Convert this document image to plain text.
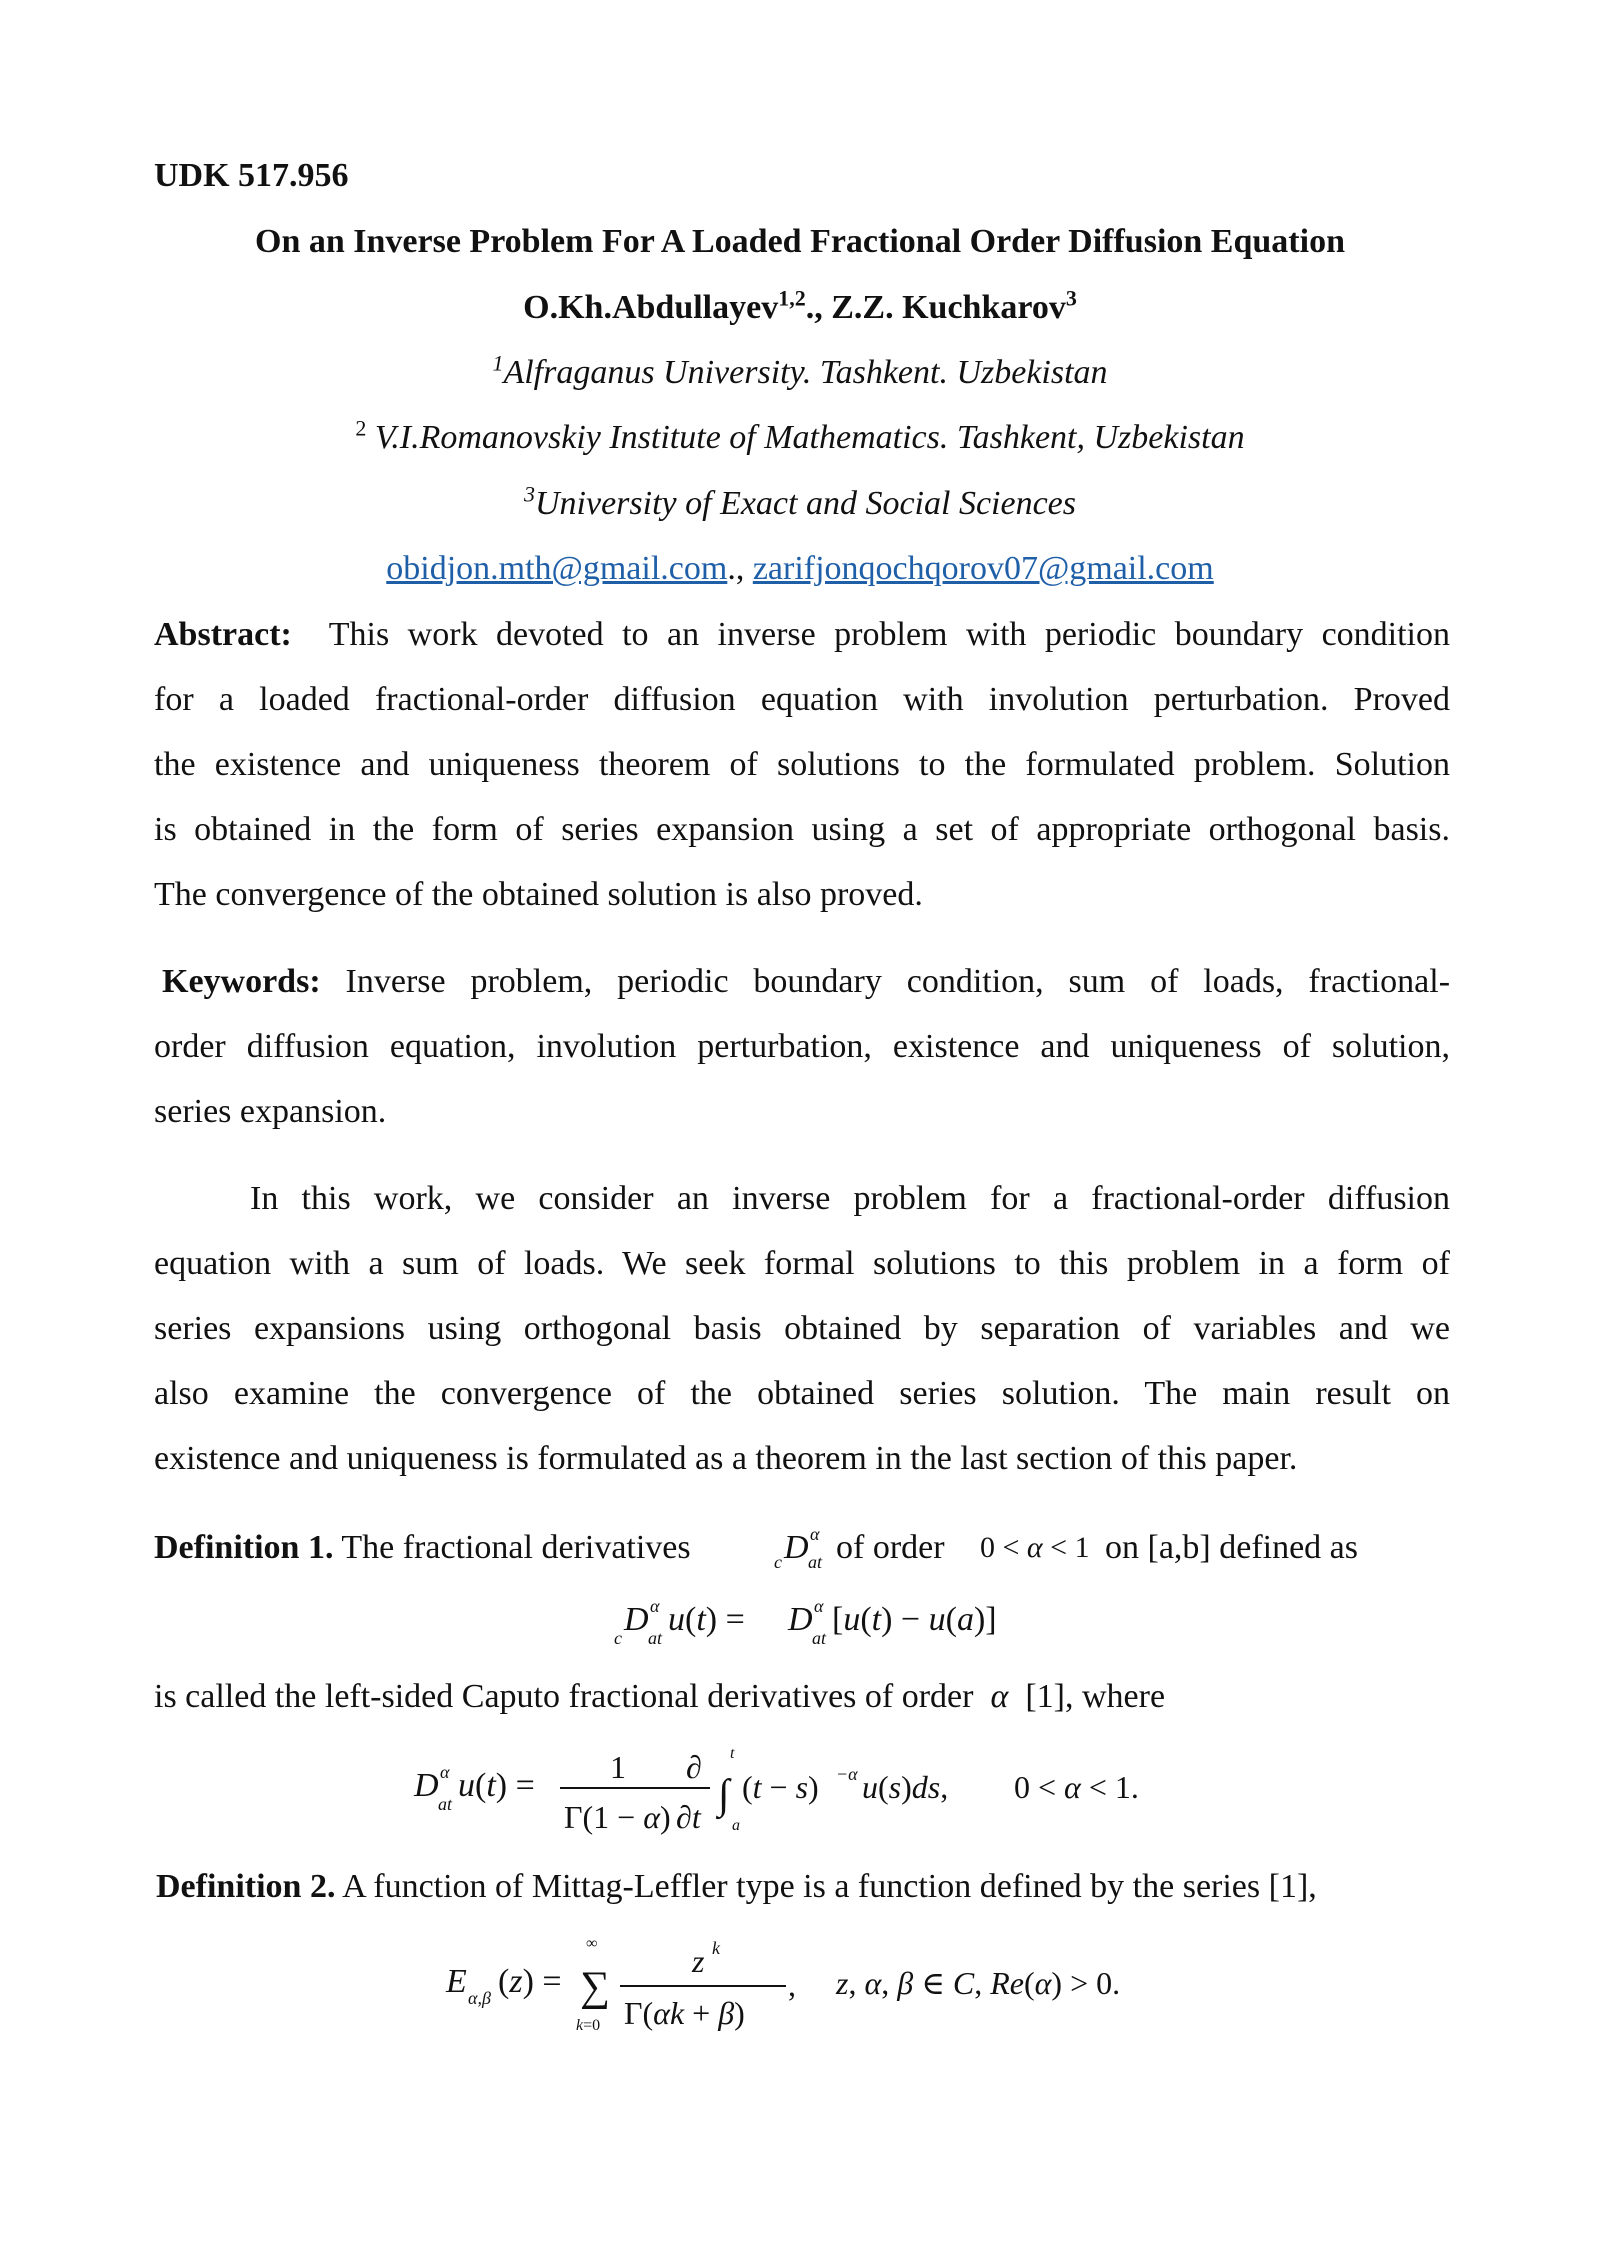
UDK 517.956
On an Inverse Problem For A Loaded Fractional Order Diffusion Equation
O.Kh.Abdullayev$^{1,2}$., Z.Z. Kuchkarov$^3$
$^1$Alfraganus University. Tashkent. Uzbekistan
$^2$ V.I.Romanovskiy Institute of Mathematics. Tashkent, Uzbekistan
$^3$University of Exact and Social Sciences
obidjon.mth@gmail.com., zarifjonqochqorov07@gmail.com
Abstract: This work devoted to an inverse problem with periodic boundary condition
for a loaded fractional-order diffusion equation with involution perturbation. Proved
the existence and uniqueness theorem of solutions to the formulated problem. Solution
is obtained in the form of series expansion using a set of appropriate orthogonal basis.
The convergence of the obtained solution is also proved.
Keywords: Inverse problem, periodic boundary condition, sum of loads, fractional-
order diffusion equation, involution perturbation, existence and uniqueness of solution,
series expansion.
In this work, we consider an inverse problem for a fractional-order diffusion
equation with a sum of loads. We seek formal solutions to this problem in a form of
series expansions using orthogonal basis obtained by separation of variables and we
also examine the convergence of the obtained series solution. The main result on
existence and uniqueness is formulated as a theorem in the last section of this paper.
Definition 1. The fractional derivatives	c D α
at of order 0 < α < 1 on [a,b] defined as
c D α
at u(t) = D α
at [u(t) − u(a)]
is called the left-sided Caputo fractional derivatives of order α [1], where
D α
at u(t) = 1
Γ(1 − α)
∂
∂t
t
∫
a
(t − s) −α u(s)ds, 0 < α < 1.
Definition 2. A function of Mittag-Leffler type is a function defined by the series [1],
E α,β (z) =
∞
∑
k=0
z k
Γ(αk + β)
, z, α, β ∈ C, Re(α) > 0.
